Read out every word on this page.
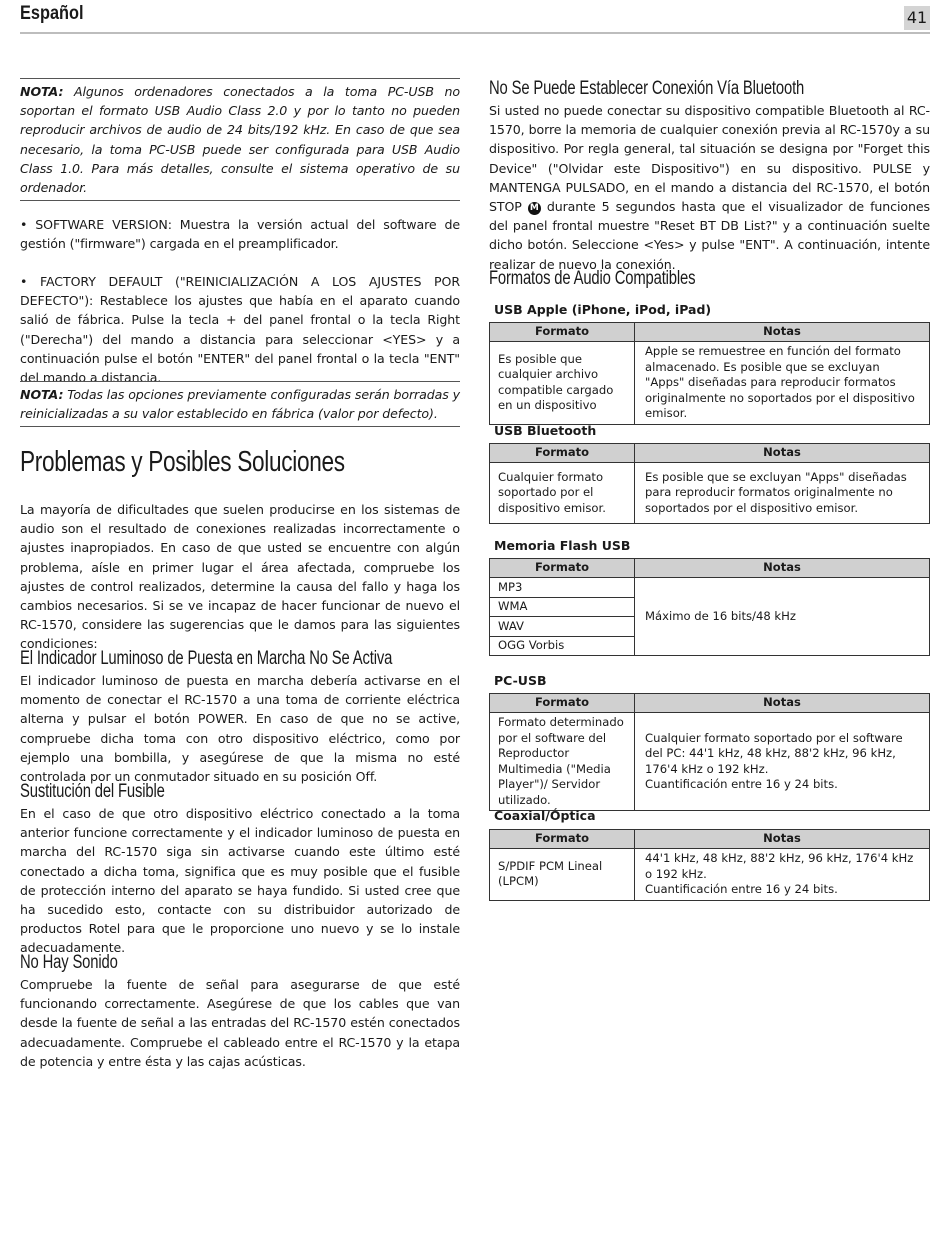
Español	41

NOTA: Algunos ordenadores conectados a la toma PC-USB no soportan el formato USB Audio Class 2.0 y por lo tanto no pueden reproducir archivos de audio de 24 bits/192 kHz. En caso de que sea necesario, la toma PC-USB puede ser configurada para USB Audio Class 1.0. Para más detalles, consulte el sistema operativo de su ordenador.

• SOFTWARE VERSION: Muestra la versión actual del software de gestión ("firmware") cargada en el preamplificador.

• FACTORY DEFAULT ("REINICIALIZACIÓN A LOS AJUSTES POR DEFECTO"): Restablece los ajustes que había en el aparato cuando salió de fábrica. Pulse la tecla + del panel frontal o la tecla Right ("Derecha") del mando a distancia para seleccionar <YES> y a continuación pulse el botón "ENTER" del panel frontal o la tecla "ENT" del mando a distancia.

NOTA: Todas las opciones previamente configuradas serán borradas y reinicializadas a su valor establecido en fábrica (valor por defecto).

Problemas y Posibles Soluciones

La mayoría de dificultades que suelen producirse en los sistemas de audio son el resultado de conexiones realizadas incorrectamente o ajustes inapropiados. En caso de que usted se encuentre con algún problema, aísle en primer lugar el área afectada, compruebe los ajustes de control realizados, determine la causa del fallo y haga los cambios necesarios. Si se ve incapaz de hacer funcionar de nuevo el RC-1570, considere las sugerencias que le damos para las siguientes condiciones:

El Indicador Luminoso de Puesta en Marcha No Se Activa

El indicador luminoso de puesta en marcha debería activarse en el momento de conectar el RC-1570 a una toma de corriente eléctrica alterna y pulsar el botón POWER. En caso de que no se active, compruebe dicha toma con otro dispositivo eléctrico, como por ejemplo una bombilla, y asegúrese de que la misma no esté controlada por un conmutador situado en su posición Off.

Sustitución del Fusible

En el caso de que otro dispositivo eléctrico conectado a la toma anterior funcione correctamente y el indicador luminoso de puesta en marcha del RC-1570 siga sin activarse cuando este último esté conectado a dicha toma, significa que es muy posible que el fusible de protección interno del aparato se haya fundido. Si usted cree que ha sucedido esto, contacte con su distribuidor autorizado de productos Rotel para que le proporcione uno nuevo y se lo instale adecuadamente.

No Hay Sonido

Compruebe la fuente de señal para asegurarse de que esté funcionando correctamente. Asegúrese de que los cables que van desde la fuente de señal a las entradas del RC-1570 estén conectados adecuadamente. Compruebe el cableado entre el RC-1570 y la etapa de potencia y entre ésta y las cajas acústicas.

No Se Puede Establecer Conexión Vía Bluetooth

Si usted no puede conectar su dispositivo compatible Bluetooth al RC-1570, borre la memoria de cualquier conexión previa al RC-1570y a su dispositivo. Por regla general, tal situación se designa por "Forget this Device" ("Olvidar este Dispositivo") en su dispositivo. PULSE y MANTENGA PULSADO, en el mando a distancia del RC-1570, el botón STOP M durante 5 segundos hasta que el visualizador de funciones del panel frontal muestre "Reset BT DB List?" y a continuación suelte dicho botón. Seleccione <Yes> y pulse "ENT". A continuación, intente realizar de nuevo la conexión.

Formatos de Audio Compatibles
USB Apple (iPhone, iPod, iPad)
Formato	Notas
Es posible que cualquier archivo compatible cargado en un dispositivo	Apple se remuestree en función del formato almacenado. Es posible que se excluyan "Apps" diseñadas para reproducir formatos originalmente no soportados por el dispositivo emisor.
USB Bluetooth
Formato	Notas
Cualquier formato soportado por el dispositivo emisor.	Es posible que se excluyan "Apps" diseñadas para reproducir formatos originalmente no soportados por el dispositivo emisor.
Memoria Flash USB
Formato	Notas
MP3	Máximo de 16 bits/48 kHz
WMA	
WAV	
OGG Vorbis	
PC-USB
Formato	Notas
Formato determinado por el software del Reproductor Multimedia ("Media Player")/ Servidor utilizado.	Cualquier formato soportado por el software del PC: 44'1 kHz, 48 kHz, 88'2 kHz, 96 kHz, 176'4 kHz o 192 kHz.
Cuantificación entre 16 y 24 bits.
Coaxial/Óptica
Formato	Notas
S/PDIF PCM Lineal (LPCM)	44'1 kHz, 48 kHz, 88'2 kHz, 96 kHz, 176'4 kHz o 192 kHz.
Cuantificación entre 16 y 24 bits.
